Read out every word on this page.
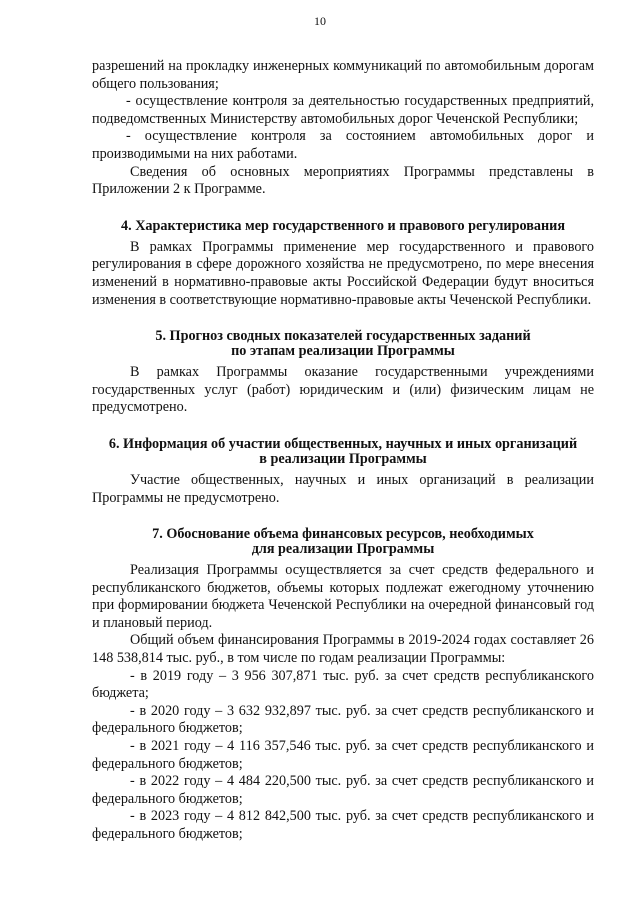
10

разрешений на прокладку инженерных коммуникаций по автомобильным дорогам общего пользования;

- осуществление контроля за деятельностью государственных предприятий, подведомственных Министерству автомобильных дорог Чеченской Республики;

- осуществление контроля за состоянием автомобильных дорог и производимыми на них работами.

Сведения об основных мероприятиях Программы представлены в Приложении 2 к Программе.

4. Характеристика мер государственного и правового регулирования

В рамках Программы применение мер государственного и правового регулирования в сфере дорожного хозяйства не предусмотрено, по мере внесения изменений в нормативно-правовые акты Российской Федерации будут вноситься изменения в соответствующие нормативно-правовые акты Чеченской Республики.

5. Прогноз сводных показателей государственных заданий
по этапам реализации Программы

В рамках Программы оказание государственными учреждениями государственных услуг (работ) юридическим и (или) физическим лицам не предусмотрено.

6. Информация об участии общественных, научных и иных организаций
в реализации Программы

Участие общественных, научных и иных организаций в реализации Программы не предусмотрено.

7. Обоснование объема финансовых ресурсов, необходимых
для реализации Программы

Реализация Программы осуществляется за счет средств федерального и республиканского бюджетов, объемы которых подлежат ежегодному уточнению при формировании бюджета Чеченской Республики на очередной финансовый год и плановый период.

Общий объем финансирования Программы в 2019-2024 годах составляет 26 148 538,814 тыс. руб., в том числе по годам реализации Программы:

- в 2019 году – 3 956 307,871 тыс. руб. за счет средств республиканского бюджета;

- в 2020 году – 3 632 932,897 тыс. руб. за счет средств республиканского и федерального бюджетов;

- в 2021 году – 4 116 357,546 тыс. руб. за счет средств республиканского и федерального бюджетов;

- в 2022 году – 4 484 220,500 тыс. руб. за счет средств республиканского и федерального бюджетов;

- в 2023 году – 4 812 842,500 тыс. руб. за счет средств республиканского и федерального бюджетов;
